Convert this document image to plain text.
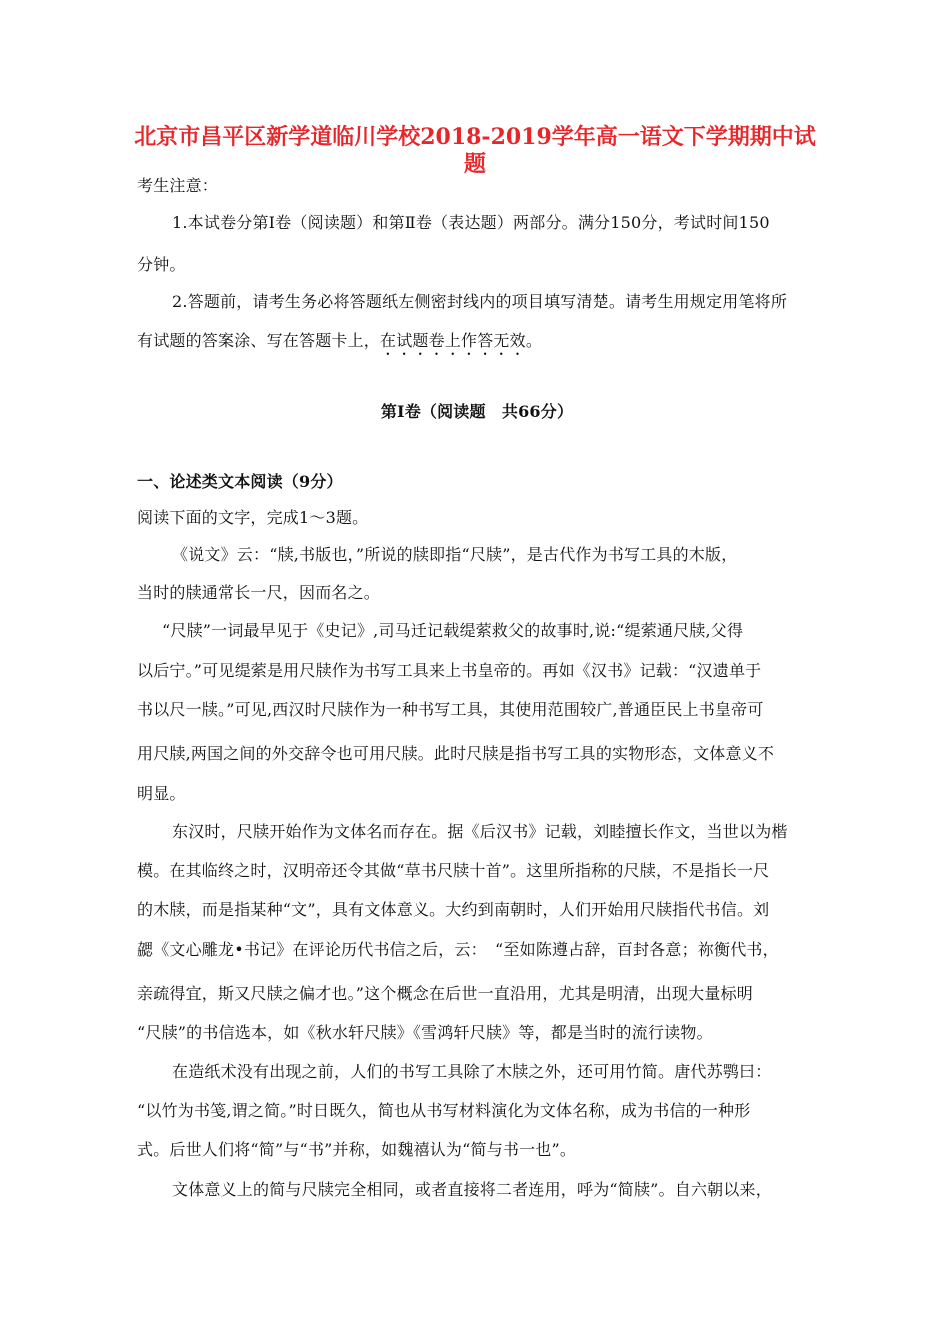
北京市昌平区新学道临川学校2018-2019学年高一语文下学期期中试
题
考生注意：
1.本试卷分第Ⅰ卷（阅读题）和第Ⅱ卷（表达题）两部分。满分150分，考试时间150
分钟。
2.答题前，请考生务必将答题纸左侧密封线内的项目填写清楚。请考生用规定用笔将所
有试题的答案涂、写在答题卡上，在试题卷上作答无效。
第Ⅰ卷（阅读题　共66分）
一、论述类文本阅读（9分）
阅读下面的文字，完成1～3题。
《说文》云：“牍,书版也，”所说的牍即指“尺牍”，是古代作为书写工具的木版，
当时的牍通常长一尺，因而名之。
“尺牍”一词最早见于《史记》,司马迁记载缇萦救父的故事时,说:“缇萦通尺牍,父得
以后宁。”可见缇萦是用尺牍作为书写工具来上书皇帝的。再如《汉书》记载：“汉遗单于
书以尺一牍。”可见,西汉时尺牍作为一种书写工具，其使用范围较广,普通臣民上书皇帝可
用尺牍,两国之间的外交辞令也可用尺牍。此时尺牍是指书写工具的实物形态，文体意义不
明显。
东汉时，尺牍开始作为文体名而存在。据《后汉书》记载，刘睦擅长作文，当世以为楷
模。在其临终之时，汉明帝还令其做“草书尺牍十首”。这里所指称的尺牍，不是指长一尺
的木牍，而是指某种“文”，具有文体意义。大约到南朝时，人们开始用尺牍指代书信。刘
勰《文心雕龙•书记》在评论历代书信之后，云：　“至如陈遵占辞，百封各意；祢衡代书，
亲疏得宜，斯又尺牍之偏才也。”这个概念在后世一直沿用，尤其是明清，出现大量标明
“尺牍”的书信选本，如《秋水轩尺牍》《雪鸿轩尺牍》等，都是当时的流行读物。
在造纸术没有出现之前，人们的书写工具除了木牍之外，还可用竹简。唐代苏鹗曰：
“以竹为书笺,谓之简。”时日既久，简也从书写材料演化为文体名称，成为书信的一种形
式。后世人们将“简”与“书”并称，如魏禧认为“简与书一也”。
文体意义上的简与尺牍完全相同，或者直接将二者连用，呼为“简牍”。自六朝以来，
